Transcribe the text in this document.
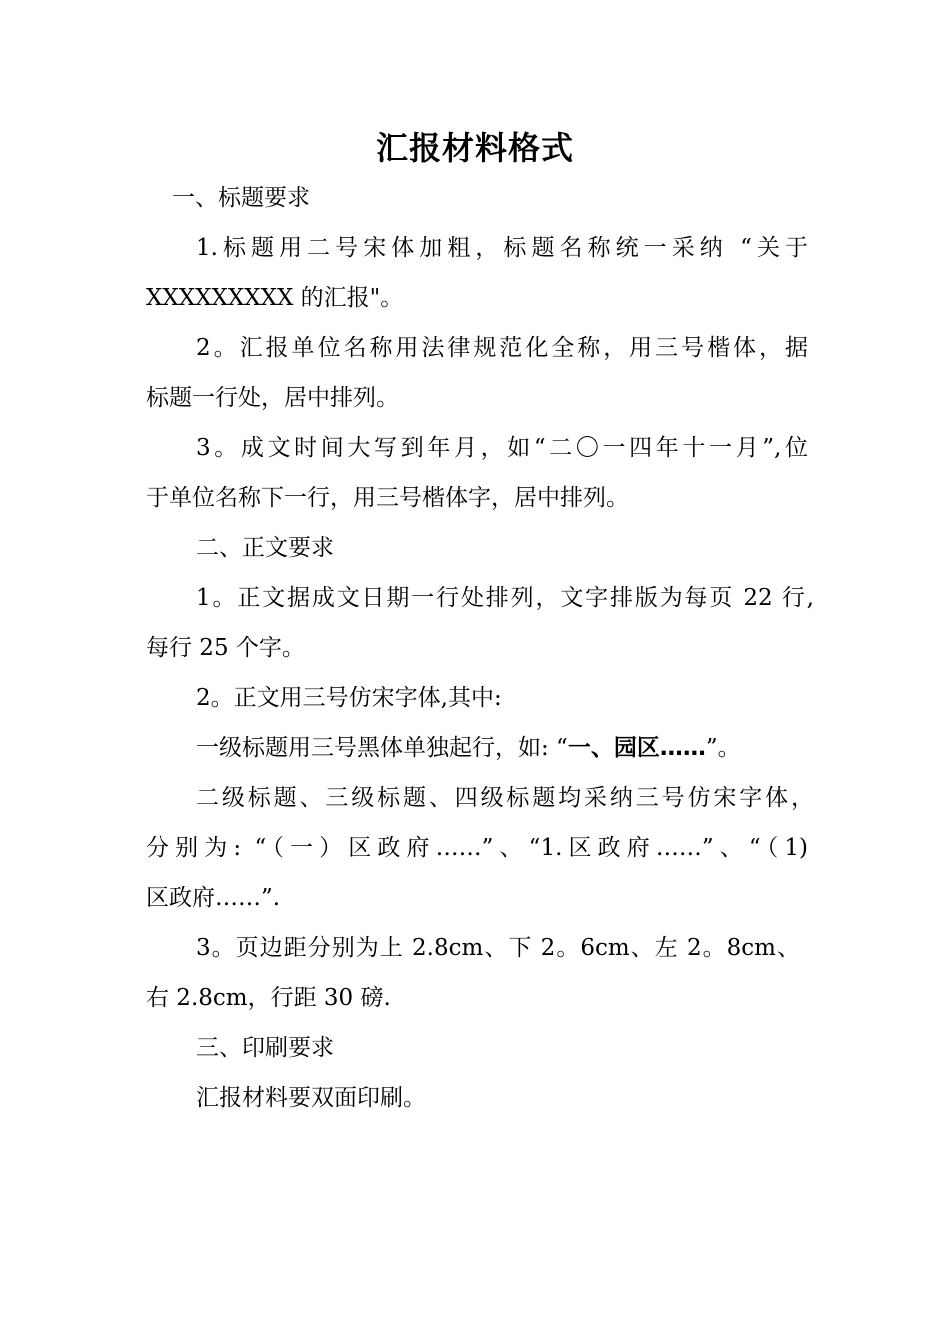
汇报材料格式
一、标题要求
1.标题用二号宋体加粗，标题名称统一采纳 “关于
XXXXXXXXX 的汇报"。
2。汇报单位名称用法律规范化全称，用三号楷体，据
标题一行处，居中排列。
3。成文时间大写到年月，如“二〇一四年十一月”,位
于单位名称下一行，用三号楷体字，居中排列。
二、正文要求
1。正文据成文日期一行处排列，文字排版为每页 22 行,
每行 25 个字。
2。正文用三号仿宋字体,其中:
一级标题用三号黑体单独起行，如: “一、园区……”。
二级标题、三级标题、四级标题均采纳三号仿宋字体，
分别为: “（一）区政府……”、“1.区政府……”、“（1)
区政府……”.
3。页边距分别为上 2.8cm、下 2。6cm、左 2。8cm、
右 2.8cm，行距 30 磅.
三、印刷要求
汇报材料要双面印刷。
